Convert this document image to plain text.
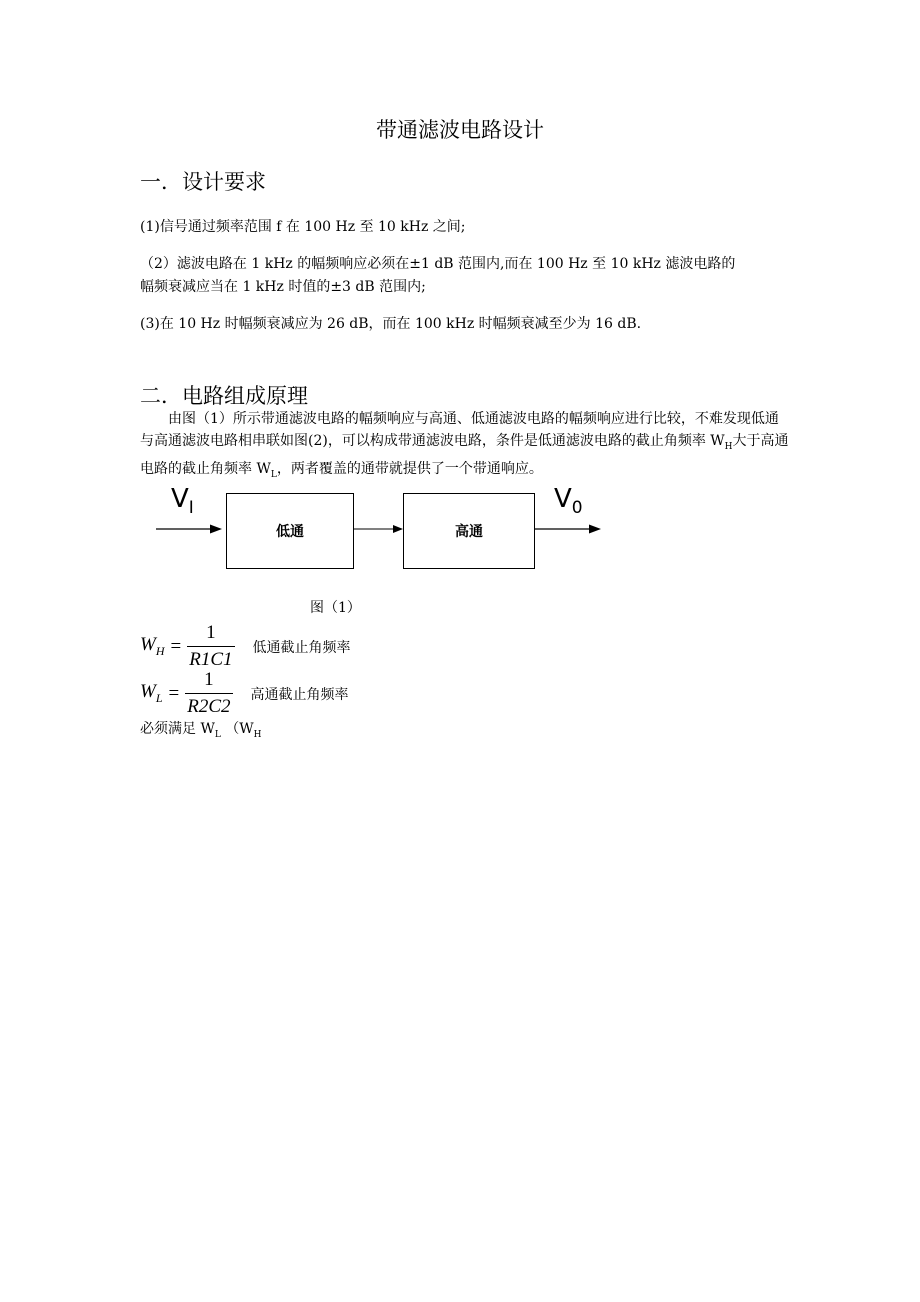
带通滤波电路设计
一．设计要求
(1)信号通过频率范围 f 在 100 Hz 至 10 kHz 之间;
（2）滤波电路在 1 kHz 的幅频响应必须在±1 dB 范围内,而在 100 Hz 至 10 kHz 滤波电路的
幅频衰减应当在 1 kHz 时值的±3 dB 范围内;
(3)在 10 Hz 时幅频衰减应为 26 dB，而在 100 kHz 时幅频衰减至少为 16 dB.
二．电路组成原理
由图（1）所示带通滤波电路的幅频响应与高通、低通滤波电路的幅频响应进行比较，不难发现低通与高通滤波电路相串联如图(2)，可以构成带通滤波电路，条件是低通滤波电路的截止角频率 $W_H$大于高通电路的截止角频率 $W_L$，两者覆盖的通带就提供了一个带通响应。
$V_I$	$V_0$
低通	高通
图（1）
$W_H = \frac{1}{R1C1}$ 低通截止角频率
$W_L = \frac{1}{R2C2}$ 高通截止角频率
必须满足 $W_L$ （$W_H$
